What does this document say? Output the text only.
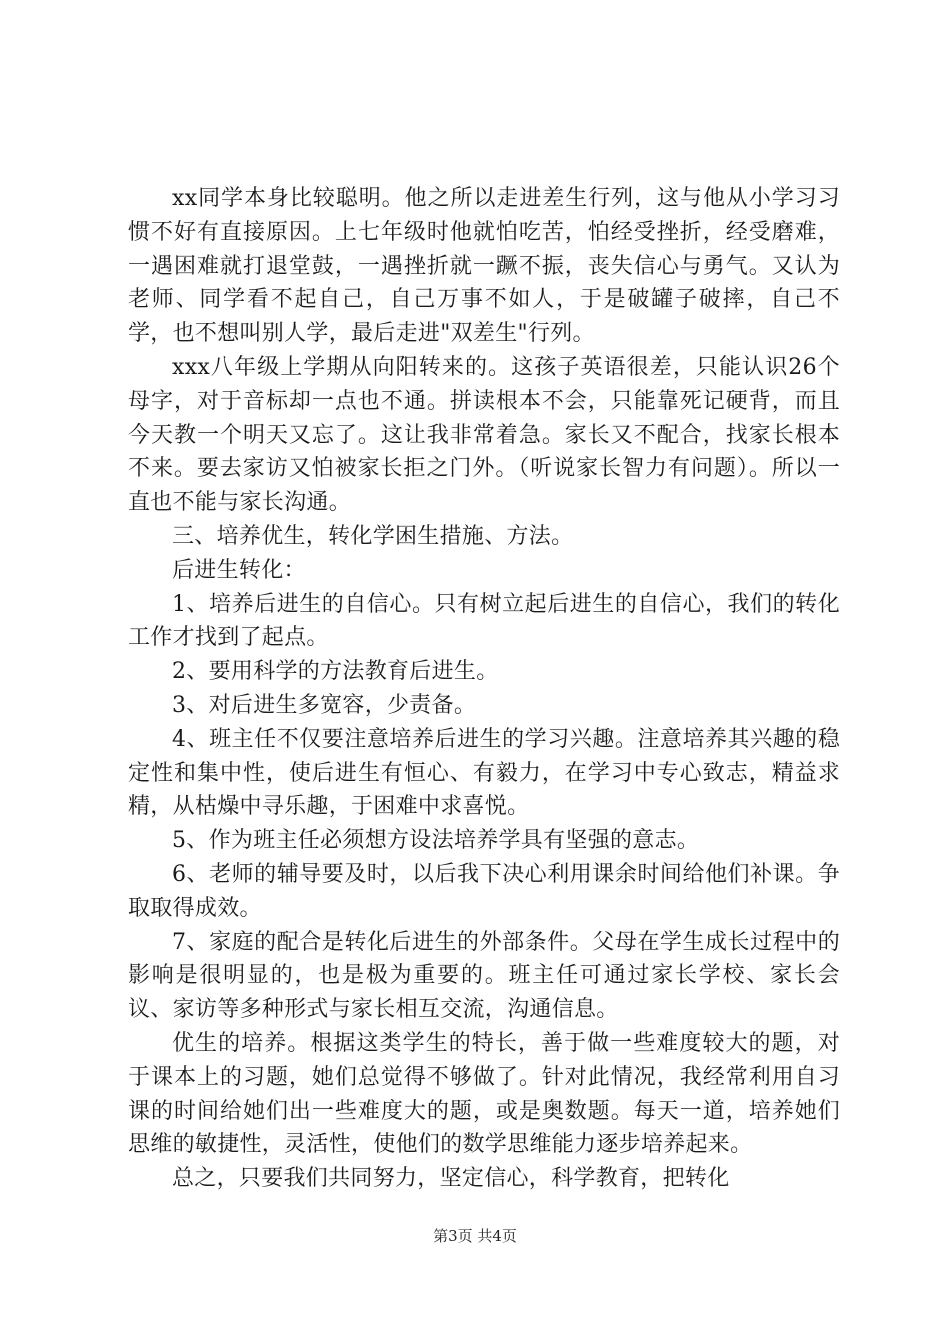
xx同学本身比较聪明。他之所以走进差生行列，这与他从小学习习惯不好有直接原因。上七年级时他就怕吃苦，怕经受挫折，经受磨难，一遇困难就打退堂鼓，一遇挫折就一蹶不振，丧失信心与勇气。又认为老师、同学看不起自己，自己万事不如人，于是破罐子破摔，自己不学，也不想叫别人学，最后走进"双差生"行列。

xxx八年级上学期从向阳转来的。这孩子英语很差，只能认识26个母字，对于音标却一点也不通。拼读根本不会，只能靠死记硬背，而且今天教一个明天又忘了。这让我非常着急。家长又不配合，找家长根本不来。要去家访又怕被家长拒之门外。（听说家长智力有问题）。所以一直也不能与家长沟通。

三、培养优生，转化学困生措施、方法。

后进生转化：

1、培养后进生的自信心。只有树立起后进生的自信心，我们的转化工作才找到了起点。

2、要用科学的方法教育后进生。

3、对后进生多宽容，少责备。

4、班主任不仅要注意培养后进生的学习兴趣。注意培养其兴趣的稳定性和集中性，使后进生有恒心、有毅力，在学习中专心致志，精益求精，从枯燥中寻乐趣，于困难中求喜悦。

5、作为班主任必须想方设法培养学具有坚强的意志。

6、老师的辅导要及时，以后我下决心利用课余时间给他们补课。争取取得成效。

7、家庭的配合是转化后进生的外部条件。父母在学生成长过程中的影响是很明显的，也是极为重要的。班主任可通过家长学校、家长会议、家访等多种形式与家长相互交流，沟通信息。

优生的培养。根据这类学生的特长，善于做一些难度较大的题，对于课本上的习题，她们总觉得不够做了。针对此情况，我经常利用自习课的时间给她们出一些难度大的题，或是奥数题。每天一道，培养她们思维的敏捷性，灵活性，使他们的数学思维能力逐步培养起来。

总之，只要我们共同努力，坚定信心，科学教育，把转化

第3页 共4页
